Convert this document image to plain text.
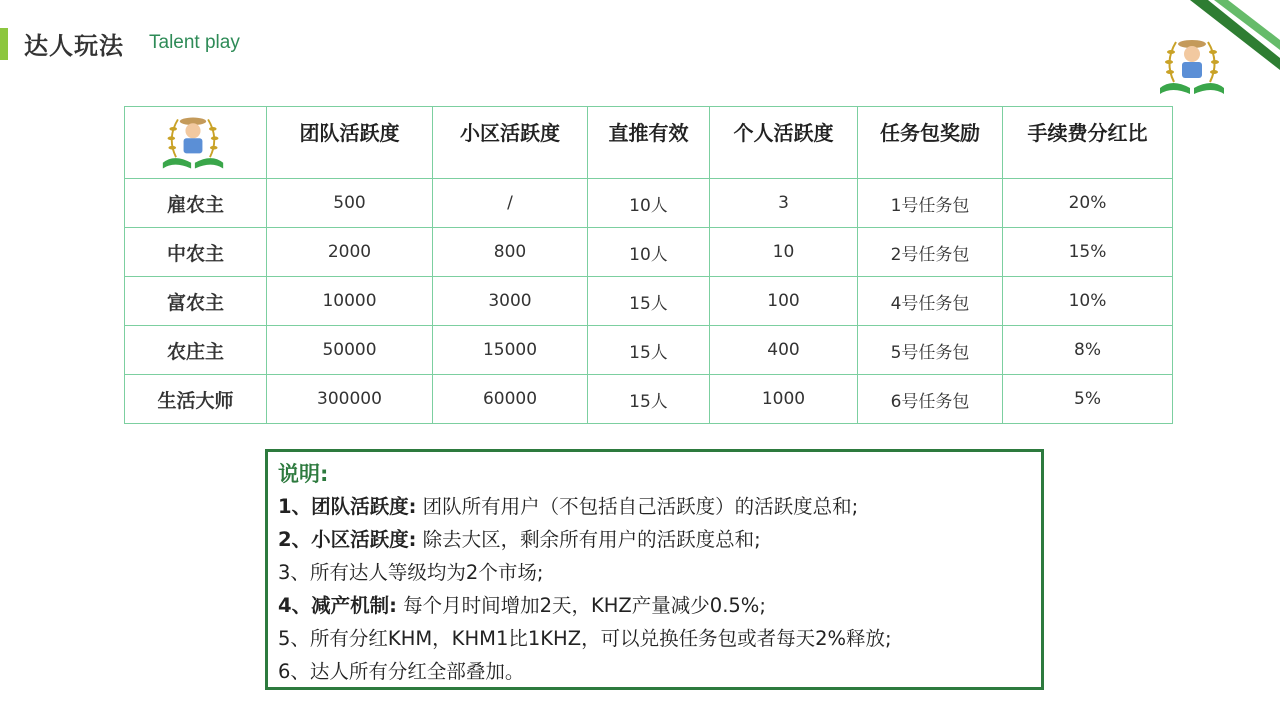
达人玩法 Talent play
	团队活跃度	小区活跃度	直推有效	个人活跃度	任务包奖励	手续费分红比
雇农主	500	/	10人	3	1号任务包	20%
中农主	2000	800	10人	10	2号任务包	15%
富农主	10000	3000	15人	100	4号任务包	10%
农庄主	50000	15000	15人	400	5号任务包	8%
生活大师	300000	60000	15人	1000	6号任务包	5%
说明:
1、团队活跃度: 团队所有用户（不包括自己活跃度）的活跃度总和;
2、小区活跃度: 除去大区，剩余所有用户的活跃度总和;
3、所有达人等级均为2个市场;
4、减产机制: 每个月时间增加2天，KHZ产量减少0.5%;
5、所有分红KHM，KHM1比1KHZ，可以兑换任务包或者每天2%释放;
6、达人所有分红全部叠加。
